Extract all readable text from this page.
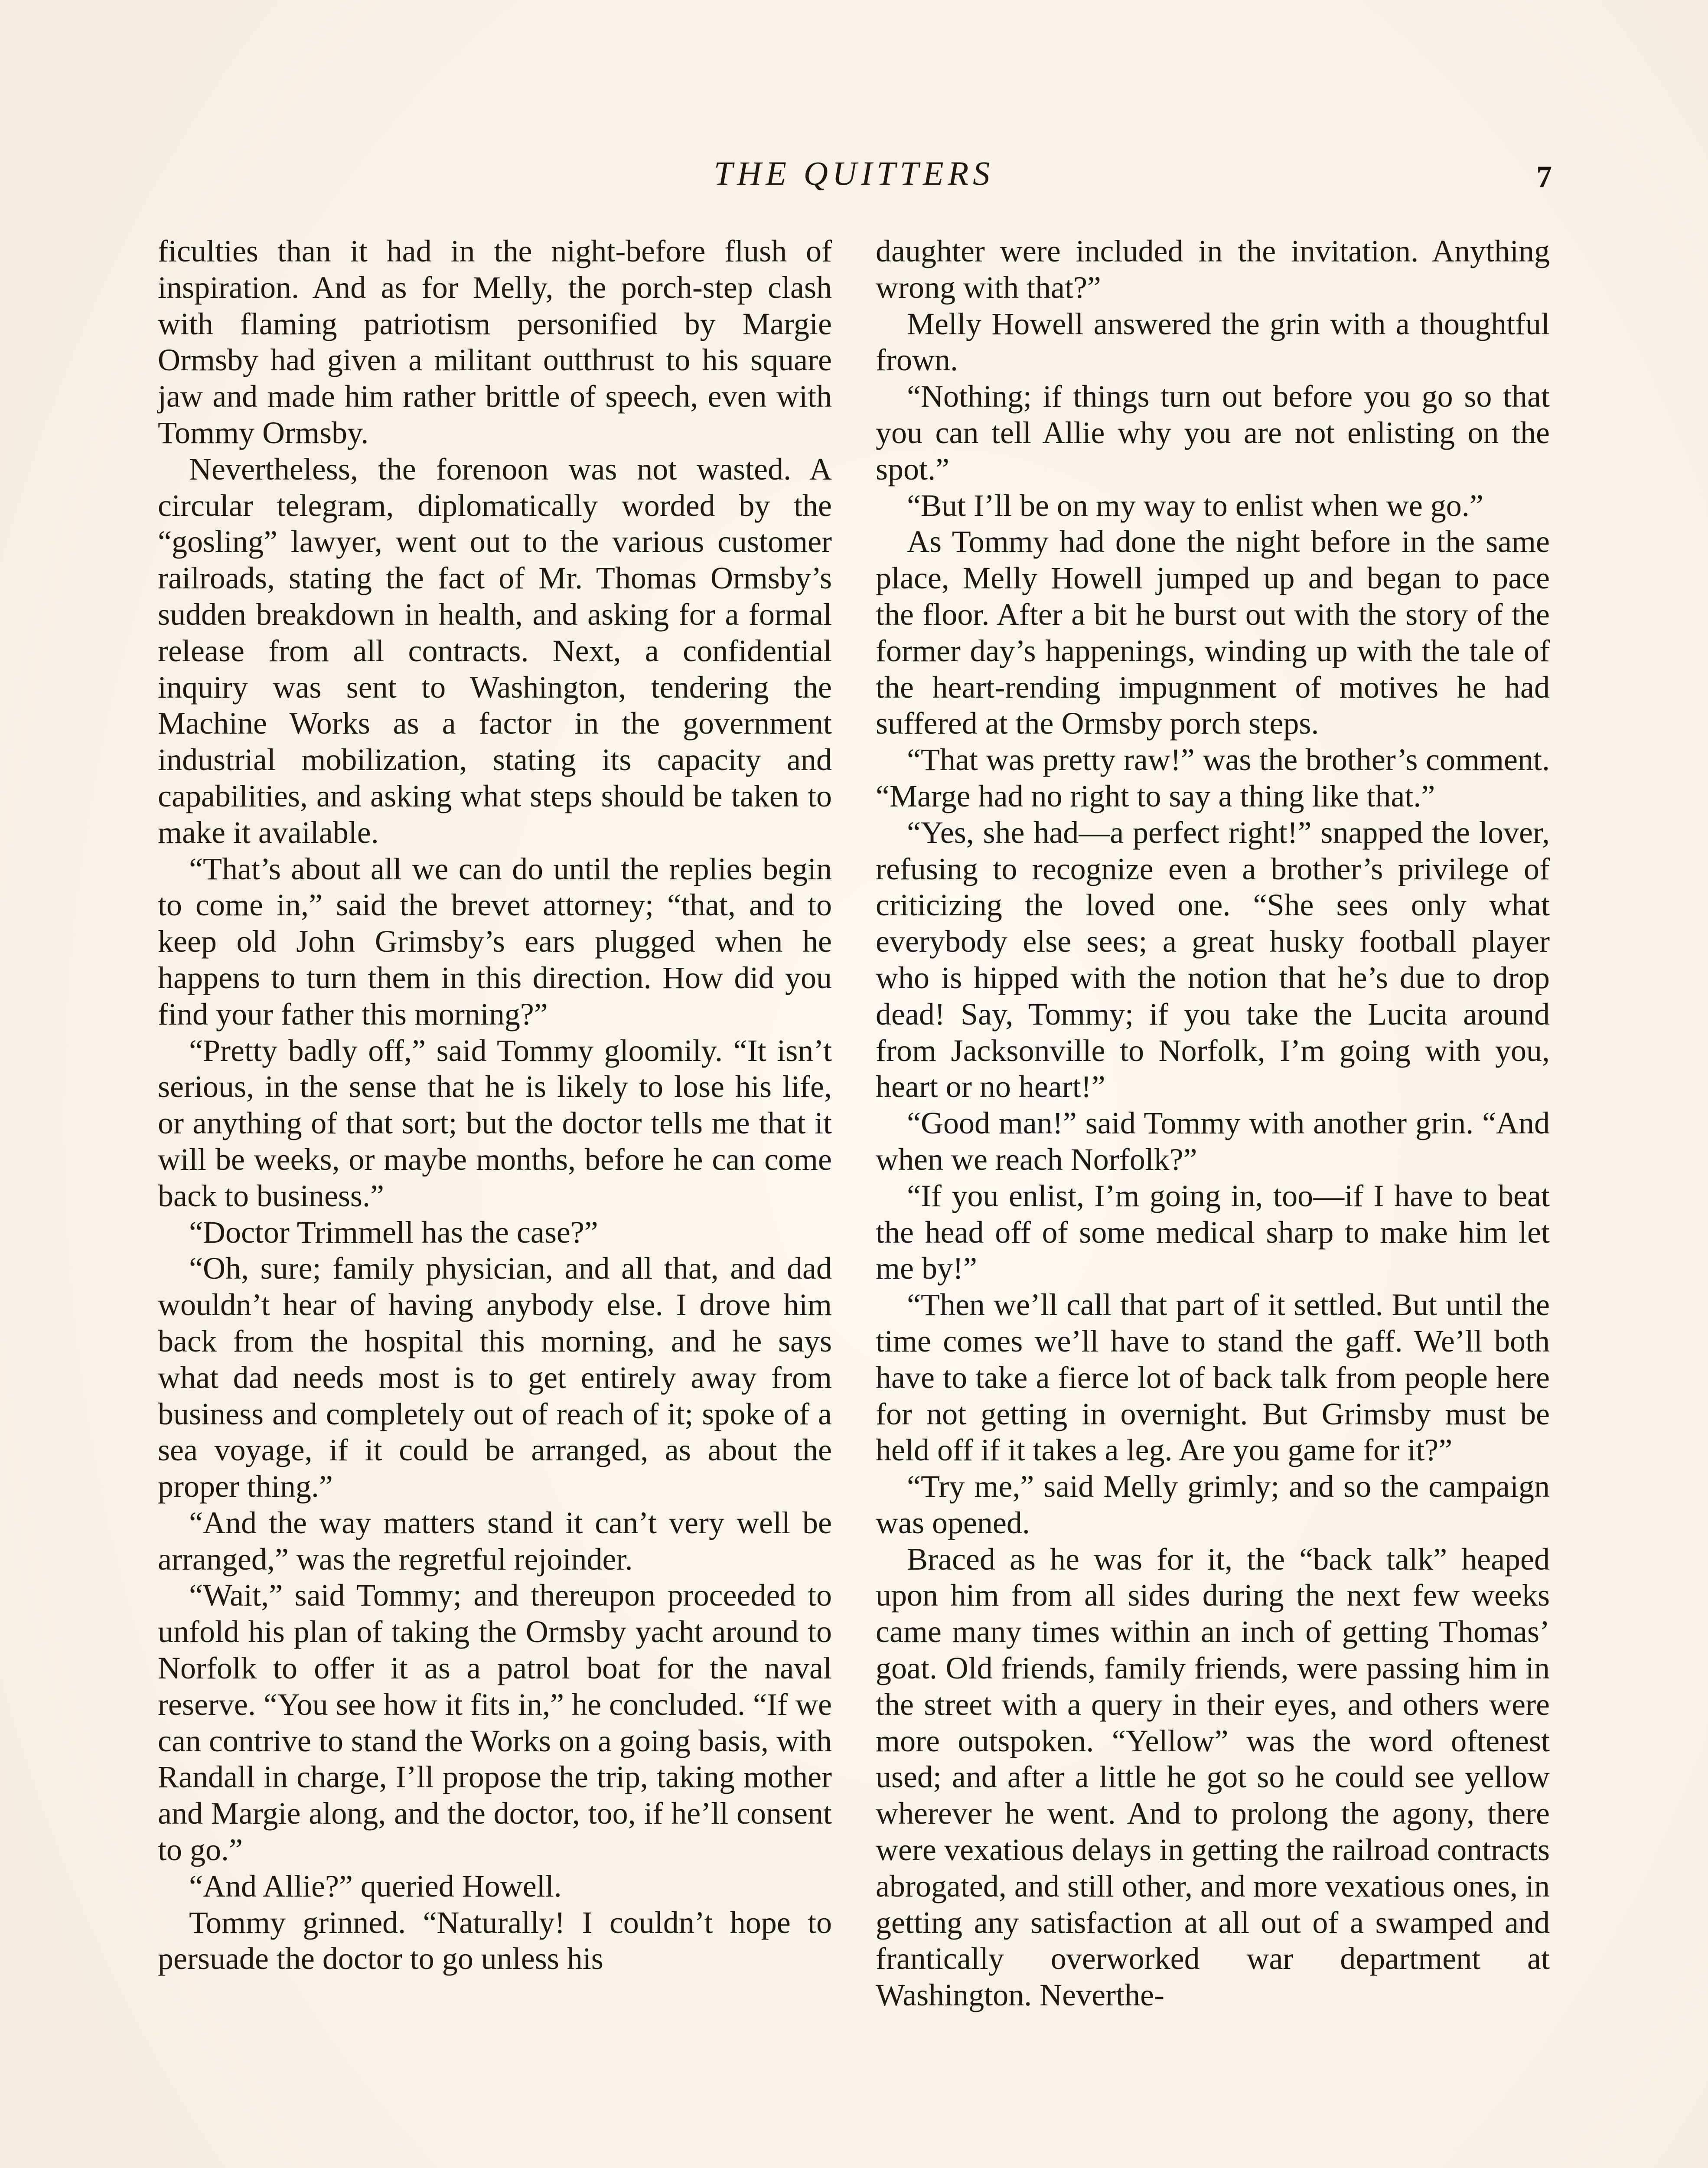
THE QUITTERS	7

ficulties than it had in the night-before flush of inspiration. And as for Melly, the porch-step clash with flaming patriotism personified by Margie Ormsby had given a militant outthrust to his square jaw and made him rather brittle of speech, even with Tommy Ormsby.

Nevertheless, the forenoon was not wasted. A circular telegram, diplomatically worded by the “gosling” lawyer, went out to the various customer railroads, stating the fact of Mr. Thomas Ormsby’s sudden breakdown in health, and asking for a formal release from all contracts. Next, a confidential inquiry was sent to Washington, tendering the Machine Works as a factor in the government industrial mobilization, stating its capacity and capabilities, and asking what steps should be taken to make it available.

“That’s about all we can do until the replies begin to come in,” said the brevet attorney; “that, and to keep old John Grimsby’s ears plugged when he happens to turn them in this direction. How did you find your father this morning?”

“Pretty badly off,” said Tommy gloomily. “It isn’t serious, in the sense that he is likely to lose his life, or anything of that sort; but the doctor tells me that it will be weeks, or maybe months, before he can come back to business.”

“Doctor Trimmell has the case?”

“Oh, sure; family physician, and all that, and dad wouldn’t hear of having anybody else. I drove him back from the hospital this morning, and he says what dad needs most is to get entirely away from business and completely out of reach of it; spoke of a sea voyage, if it could be arranged, as about the proper thing.”

“And the way matters stand it can’t very well be arranged,” was the regretful rejoinder.

“Wait,” said Tommy; and thereupon proceeded to unfold his plan of taking the Ormsby yacht around to Norfolk to offer it as a patrol boat for the naval reserve. “You see how it fits in,” he concluded. “If we can contrive to stand the Works on a going basis, with Randall in charge, I’ll propose the trip, taking mother and Margie along, and the doctor, too, if he’ll consent to go.”

“And Allie?” queried Howell.

Tommy grinned. “Naturally! I couldn’t hope to persuade the doctor to go unless his

daughter were included in the invitation. Anything wrong with that?”

Melly Howell answered the grin with a thoughtful frown.

“Nothing; if things turn out before you go so that you can tell Allie why you are not enlisting on the spot.”

“But I’ll be on my way to enlist when we go.”

As Tommy had done the night before in the same place, Melly Howell jumped up and began to pace the floor. After a bit he burst out with the story of the former day’s happenings, winding up with the tale of the heart-rending impugnment of motives he had suffered at the Ormsby porch steps.

“That was pretty raw!” was the brother’s comment. “Marge had no right to say a thing like that.”

“Yes, she had—a perfect right!” snapped the lover, refusing to recognize even a brother’s privilege of criticizing the loved one. “She sees only what everybody else sees; a great husky football player who is hipped with the notion that he’s due to drop dead! Say, Tommy; if you take the Lucita around from Jacksonville to Norfolk, I’m going with you, heart or no heart!”

“Good man!” said Tommy with another grin. “And when we reach Norfolk?”

“If you enlist, I’m going in, too—if I have to beat the head off of some medical sharp to make him let me by!”

“Then we’ll call that part of it settled. But until the time comes we’ll have to stand the gaff. We’ll both have to take a fierce lot of back talk from people here for not getting in overnight. But Grimsby must be held off if it takes a leg. Are you game for it?”

“Try me,” said Melly grimly; and so the campaign was opened.

Braced as he was for it, the “back talk” heaped upon him from all sides during the next few weeks came many times within an inch of getting Thomas’ goat. Old friends, family friends, were passing him in the street with a query in their eyes, and others were more outspoken. “Yellow” was the word oftenest used; and after a little he got so he could see yellow wherever he went. And to prolong the agony, there were vexatious delays in getting the railroad contracts abrogated, and still other, and more vexatious ones, in getting any satisfaction at all out of a swamped and frantically overworked war department at Washington. Neverthe-
